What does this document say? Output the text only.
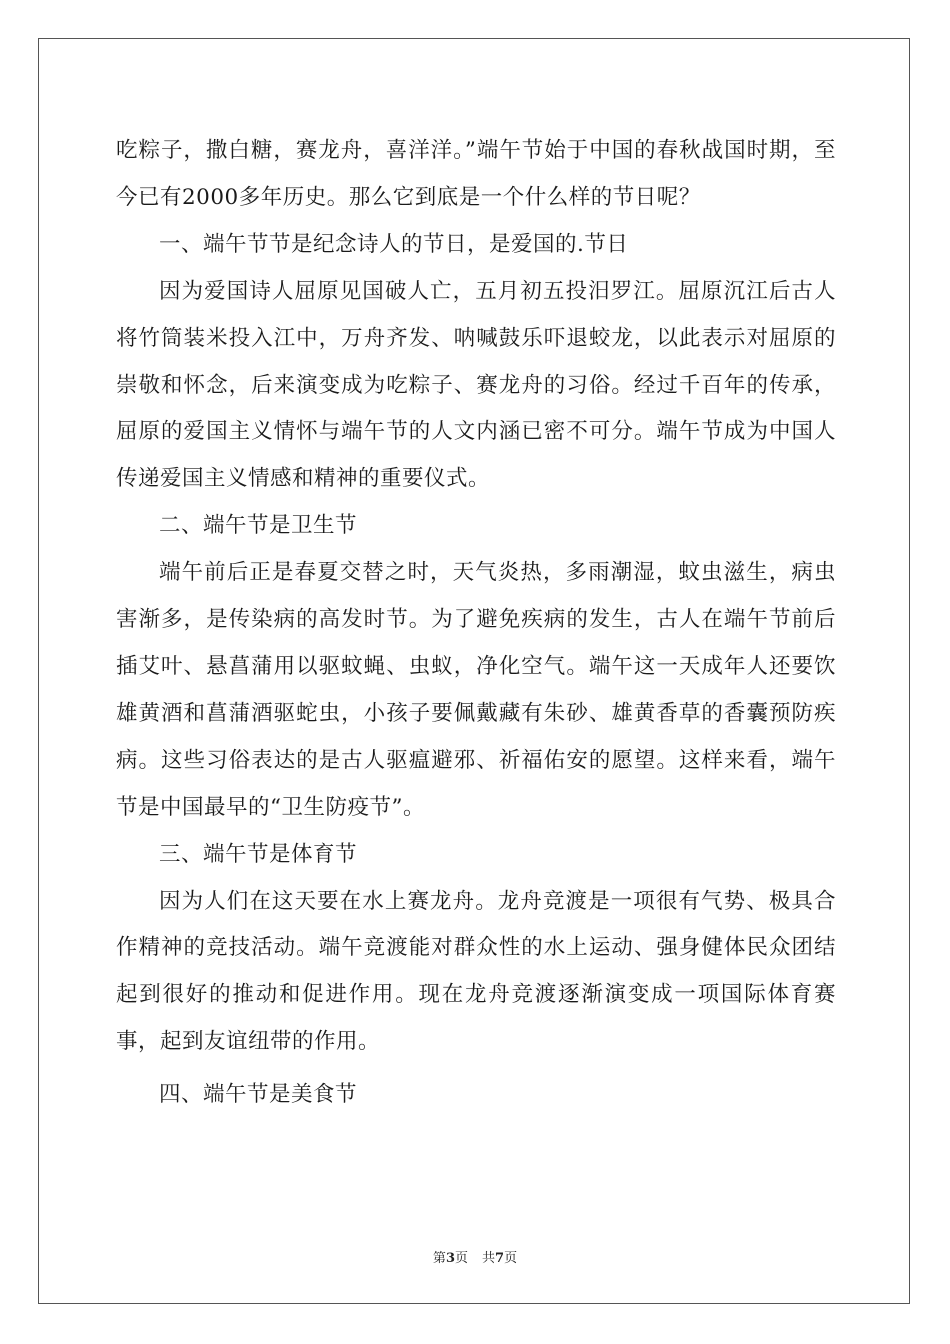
吃粽子，撒白糖，赛龙舟，喜洋洋。”端午节始于中国的春秋战国时期，至今已有2000多年历史。那么它到底是一个什么样的节日呢？

一、端午节节是纪念诗人的节日，是爱国的.节日

因为爱国诗人屈原见国破人亡，五月初五投汨罗江。屈原沉江后古人将竹筒装米投入江中，万舟齐发、呐喊鼓乐吓退蛟龙，以此表示对屈原的崇敬和怀念，后来演变成为吃粽子、赛龙舟的习俗。经过千百年的传承，屈原的爱国主义情怀与端午节的人文内涵已密不可分。端午节成为中国人传递爱国主义情感和精神的重要仪式。

二、端午节是卫生节

端午前后正是春夏交替之时，天气炎热，多雨潮湿，蚊虫滋生，病虫害渐多，是传染病的高发时节。为了避免疾病的发生，古人在端午节前后插艾叶、悬菖蒲用以驱蚊蝇、虫蚁，净化空气。端午这一天成年人还要饮雄黄酒和菖蒲酒驱蛇虫，小孩子要佩戴藏有朱砂、雄黄香草的香囊预防疾病。这些习俗表达的是古人驱瘟避邪、祈福佑安的愿望。这样来看，端午节是中国最早的“卫生防疫节”。

三、端午节是体育节

因为人们在这天要在水上赛龙舟。龙舟竞渡是一项很有气势、极具合作精神的竞技活动。端午竞渡能对群众性的水上运动、强身健体民众团结起到很好的推动和促进作用。现在龙舟竞渡逐渐演变成一项国际体育赛事，起到友谊纽带的作用。

四、端午节是美食节

第3页 共7页
